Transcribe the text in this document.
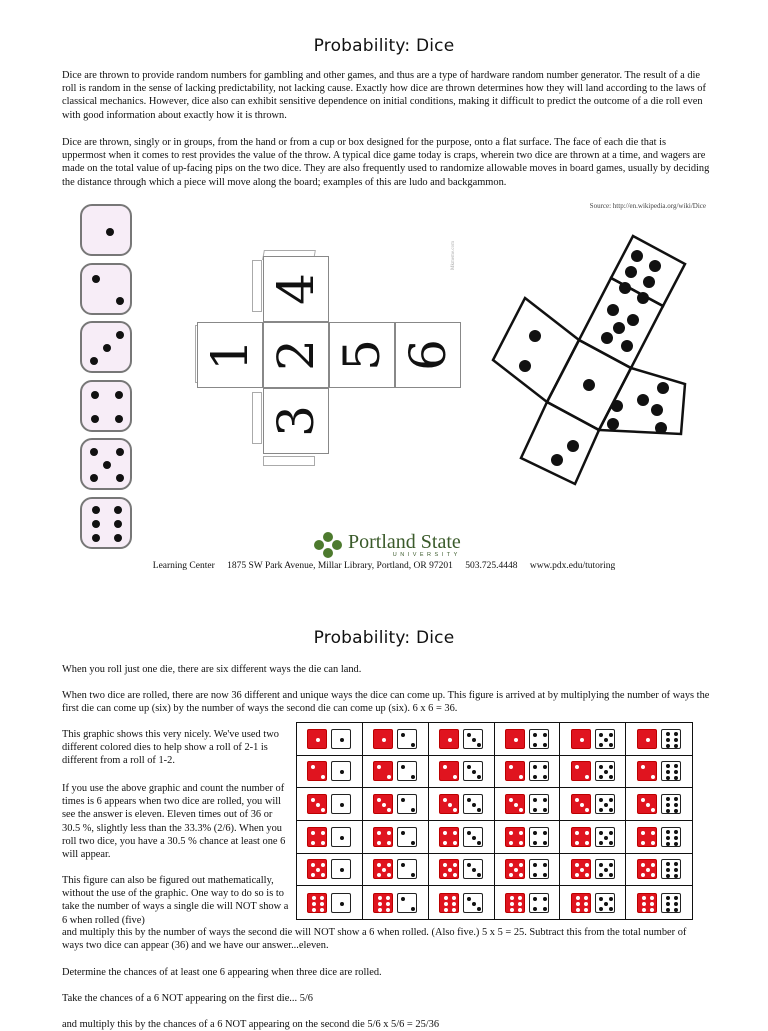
Probability: Dice

Dice are thrown to provide random numbers for gambling and other games, and thus are a type of hardware random number generator. The result of a die roll is random in the sense of lacking predictability, not lacking cause. Exactly how dice are thrown determines how they will land according to the laws of classical mechanics. However, dice also can exhibit sensitive dependence on initial conditions, making it difficult to predict the outcome of a die roll even with good information about exactly how it is thrown.

Dice are thrown, singly or in groups, from the hand or from a cup or box designed for the purpose, onto a flat surface. The face of each die that is uppermost when it comes to rest provides the value of the throw. A typical dice game today is craps, wherein two dice are thrown at a time, and wagers are made on the total value of up-facing pips on the two dice. They are also frequently used to randomize allowable moves in board games, usually by deciding the distance through which a piece will move along the board; examples of this are ludo and backgammon.

Source: http://en.wikipedia.org/wiki/Dice
1 2
3
4
5 6
Mkmeme.com
Portland State
UNIVERSITY
Learning Center 1875 SW Park Avenue, Millar Library, Portland, OR 97201 503.725.4448 www.pdx.edu/tutoring
Probability: Dice

When you roll just one die, there are six different ways the die can land.

When two dice are rolled, there are now 36 different and unique ways the dice can come up. This figure is arrived at by multiplying the number of ways the first die can come up (six) by the number of ways the second die can come up (six). 6 x 6 = 36.

This graphic shows this very nicely. We've used two different colored dies to help show a roll of 2-1 is different from a roll of 1-2.

If you use the above graphic and count the number of times is 6 appears when two dice are rolled, you will see the answer is eleven. Eleven times out of 36 or 30.5 %, slightly less than the 33.3% (2/6). When you roll two dice, you have a 30.5 % chance at least one 6 will appear.

This figure can also be figured out mathematically, without the use of the graphic. One way to do so is to take the number of ways a single die will NOT show a 6 when rolled (five)

and multiply this by the number of ways the second die will NOT show a 6 when rolled. (Also five.) 5 x 5 = 25. Subtract this from the total number of ways two dice can appear (36) and we have our answer...eleven.

Determine the chances of at least one 6 appearing when three dice are rolled.

Take the chances of a 6 NOT appearing on the first die... 5/6

and multiply this by the chances of a 6 NOT appearing on the second die 5/6 x 5/6 = 25/36
